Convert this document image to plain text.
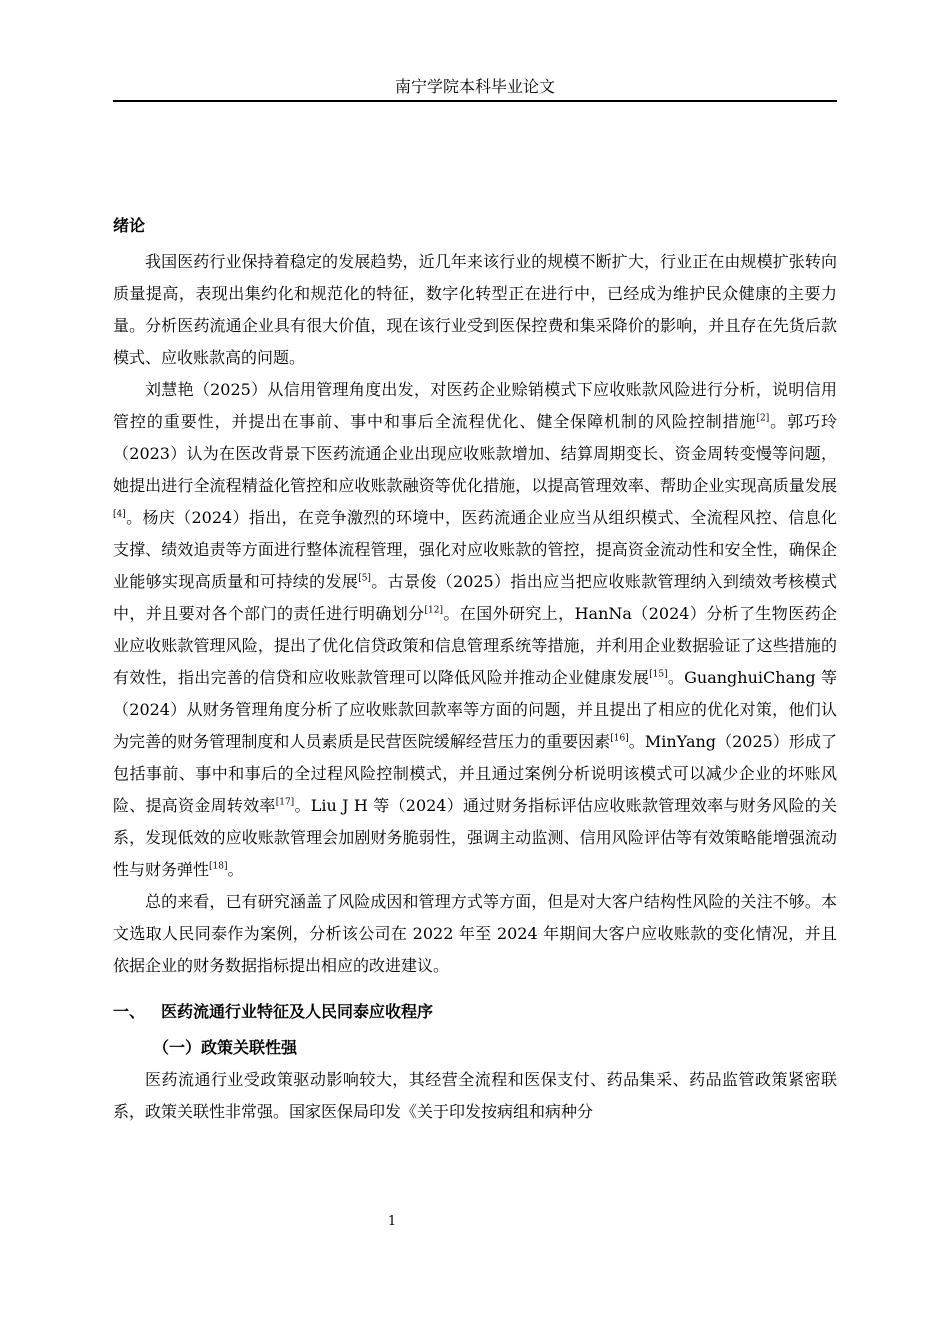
南宁学院本科毕业论文
绪论

我国医药行业保持着稳定的发展趋势，近几年来该行业的规模不断扩大，行业正在由规模扩张转向质量提高，表现出集约化和规范化的特征，数字化转型正在进行中，已经成为维护民众健康的主要力量。分析医药流通企业具有很大价值，现在该行业受到医保控费和集采降价的影响，并且存在先货后款模式、应收账款高的问题。

刘慧艳（2025）从信用管理角度出发，对医药企业赊销模式下应收账款风险进行分析，说明信用管控的重要性，并提出在事前、事中和事后全流程优化、健全保障机制的风险控制措施[2]。郭巧玲（2023）认为在医改背景下医药流通企业出现应收账款增加、结算周期变长、资金周转变慢等问题，她提出进行全流程精益化管控和应收账款融资等优化措施，以提高管理效率、帮助企业实现高质量发展[4]。杨庆（2024）指出，在竞争激烈的环境中，医药流通企业应当从组织模式、全流程风控、信息化支撑、绩效追责等方面进行整体流程管理，强化对应收账款的管控，提高资金流动性和安全性，确保企业能够实现高质量和可持续的发展[5]。古景俊（2025）指出应当把应收账款管理纳入到绩效考核模式中，并且要对各个部门的责任进行明确划分[12]。在国外研究上，HanNa（2024）分析了生物医药企业应收账款管理风险，提出了优化信贷政策和信息管理系统等措施，并利用企业数据验证了这些措施的有效性，指出完善的信贷和应收账款管理可以降低风险并推动企业健康发展[15]。GuanghuiChang 等（2024）从财务管理角度分析了应收账款回款率等方面的问题，并且提出了相应的优化对策，他们认为完善的财务管理制度和人员素质是民营医院缓解经营压力的重要因素[16]。MinYang（2025）形成了包括事前、事中和事后的全过程风险控制模式，并且通过案例分析说明该模式可以减少企业的坏账风险、提高资金周转效率[17]。Liu J H 等（2024）通过财务指标评估应收账款管理效率与财务风险的关系，发现低效的应收账款管理会加剧财务脆弱性，强调主动监测、信用风险评估等有效策略能增强流动性与财务弹性[18]。

总的来看，已有研究涵盖了风险成因和管理方式等方面，但是对大客户结构性风险的关注不够。本文选取人民同泰作为案例，分析该公司在 2022 年至 2024 年期间大客户应收账款的变化情况，并且依据企业的财务数据指标提出相应的改进建议。

一、 医药流通行业特征及人民同泰应收程序
（一）政策关联性强

医药流通行业受政策驱动影响较大，其经营全流程和医保支付、药品集采、药品监管政策紧密联系，政策关联性非常强。国家医保局印发《关于印发按病组和病种分

1
